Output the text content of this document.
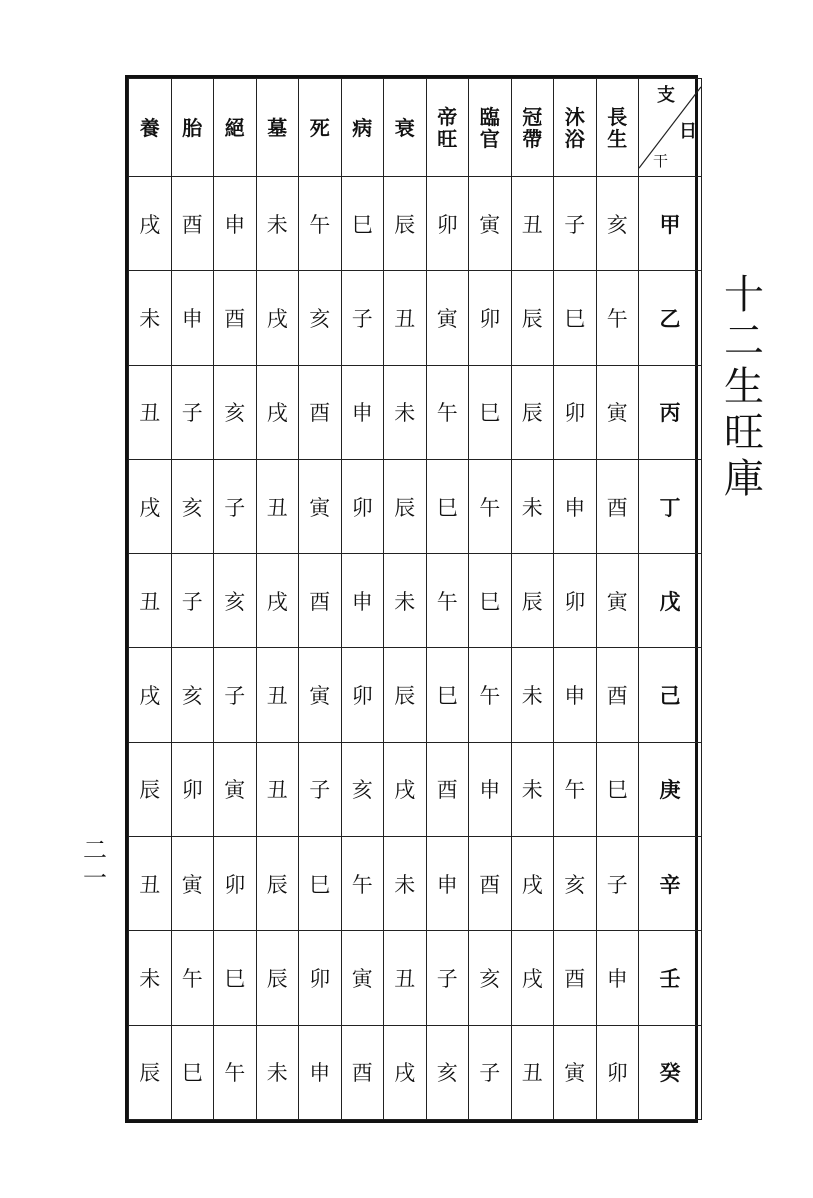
養	胎	絕	墓	死	病	衰	帝旺	臨官	冠帶	沐浴	長生	支
日
干

戌	酉	申	未	午	巳	辰	卯	寅	丑	子	亥	甲
未	申	酉	戌	亥	子	丑	寅	卯	辰	巳	午	乙
丑	子	亥	戌	酉	申	未	午	巳	辰	卯	寅	丙
戌	亥	子	丑	寅	卯	辰	巳	午	未	申	酉	丁
丑	子	亥	戌	酉	申	未	午	巳	辰	卯	寅	戊
戌	亥	子	丑	寅	卯	辰	巳	午	未	申	酉	己
辰	卯	寅	丑	子	亥	戌	酉	申	未	午	巳	庚
丑	寅	卯	辰	巳	午	未	申	酉	戌	亥	子	辛
未	午	巳	辰	卯	寅	丑	子	亥	戌	酉	申	壬
辰	巳	午	未	申	酉	戌	亥	子	丑	寅	卯	癸
十二生旺庫
二一
